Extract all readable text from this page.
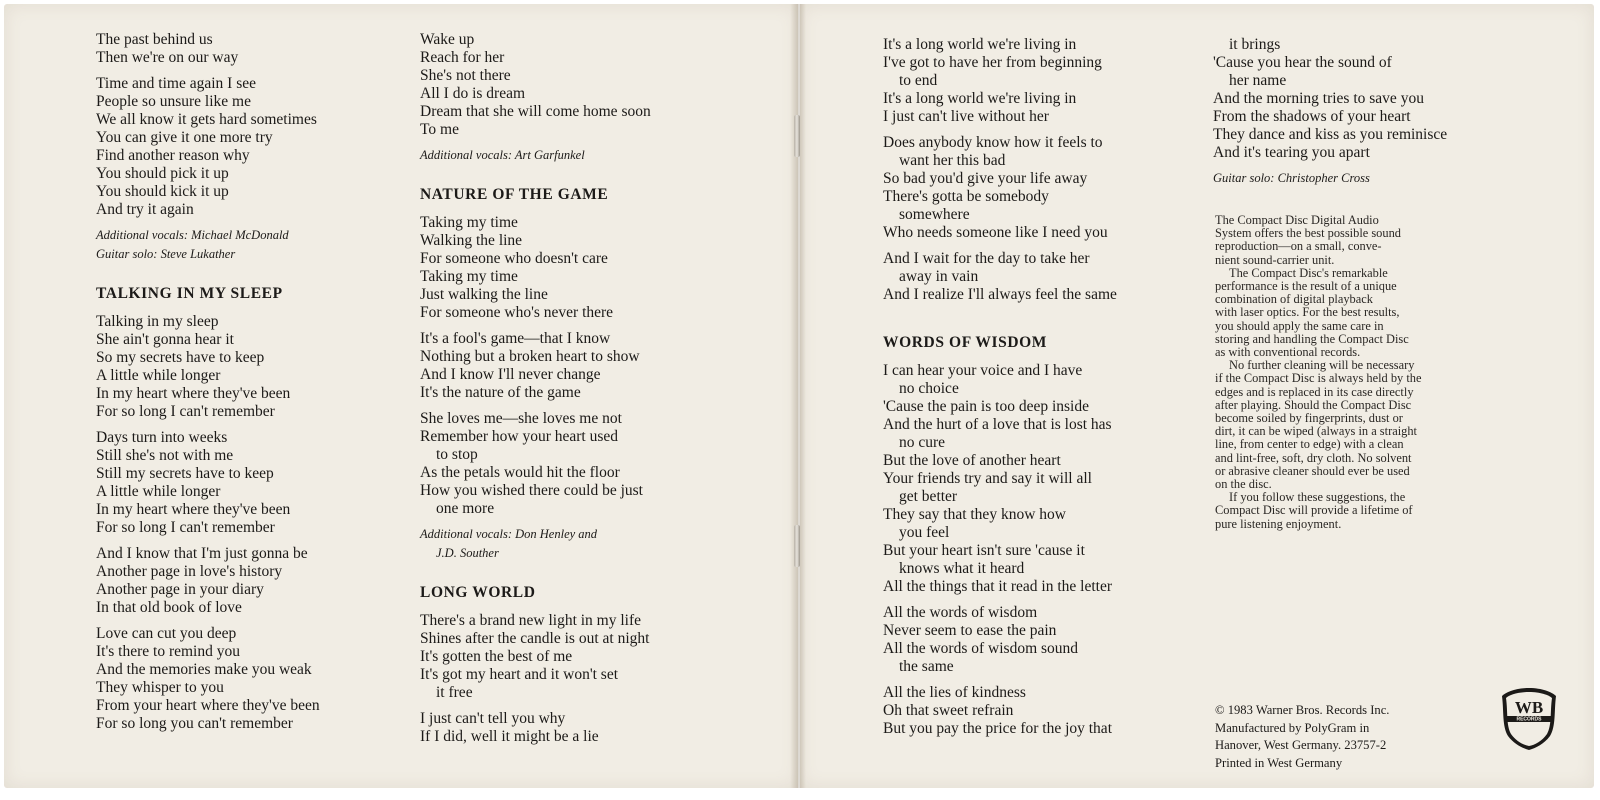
The past behind us
Then we're on our way
Time and time again I see
People so unsure like me
We all know it gets hard sometimes
You can give it one more try
Find another reason why
You should pick it up
You should kick it up
And try it again
Additional vocals: Michael McDonald
Guitar solo: Steve Lukather
TALKING IN MY SLEEP
Talking in my sleep
She ain't gonna hear it
So my secrets have to keep
A little while longer
In my heart where they've been
For so long I can't remember
Days turn into weeks
Still she's not with me
Still my secrets have to keep
A little while longer
In my heart where they've been
For so long I can't remember
And I know that I'm just gonna be
Another page in love's history
Another page in your diary
In that old book of love
Love can cut you deep
It's there to remind you
And the memories make you weak
They whisper to you
From your heart where they've been
For so long you can't remember
Wake up
Reach for her
She's not there
All I do is dream
Dream that she will come home soon
To me
Additional vocals: Art Garfunkel
NATURE OF THE GAME
Taking my time
Walking the line
For someone who doesn't care
Taking my time
Just walking the line
For someone who's never there
It's a fool's game—that I know
Nothing but a broken heart to show
And I know I'll never change
It's the nature of the game
She loves me—she loves me not
Remember how your heart used
to stop
As the petals would hit the floor
How you wished there could be just
one more
Additional vocals: Don Henley and
J.D. Souther
LONG WORLD
There's a brand new light in my life
Shines after the candle is out at night
It's gotten the best of me
It's got my heart and it won't set
it free
I just can't tell you why
If I did, well it might be a lie
It's a long world we're living in
I've got to have her from beginning
to end
It's a long world we're living in
I just can't live without her
Does anybody know how it feels to
want her this bad
So bad you'd give your life away
There's gotta be somebody
somewhere
Who needs someone like I need you
And I wait for the day to take her
away in vain
And I realize I'll always feel the same
WORDS OF WISDOM
I can hear your voice and I have
no choice
'Cause the pain is too deep inside
And the hurt of a love that is lost has
no cure
But the love of another heart
Your friends try and say it will all
get better
They say that they know how
you feel
But your heart isn't sure 'cause it
knows what it heard
All the things that it read in the letter
All the words of wisdom
Never seem to ease the pain
All the words of wisdom sound
the same
All the lies of kindness
Oh that sweet refrain
But you pay the price for the joy that
it brings
'Cause you hear the sound of
her name
And the morning tries to save you
From the shadows of your heart
They dance and kiss as you reminisce
And it's tearing you apart
Guitar solo: Christopher Cross

The Compact Disc Digital Audio
System offers the best possible sound
reproduction—on a small, conve-
nient sound-carrier unit.

The Compact Disc's remarkable
performance is the result of a unique
combination of digital playback
with laser optics. For the best results,
you should apply the same care in
storing and handling the Compact Disc
as with conventional records.

No further cleaning will be necessary
if the Compact Disc is always held by the
edges and is replaced in its case directly
after playing. Should the Compact Disc
become soiled by fingerprints, dust or
dirt, it can be wiped (always in a straight
line, from center to edge) with a clean
and lint-free, soft, dry cloth. No solvent
or abrasive cleaner should ever be used
on the disc.

If you follow these suggestions, the
Compact Disc will provide a lifetime of
pure listening enjoyment.

© 1983 Warner Bros. Records Inc.
Manufactured by PolyGram in
Hanover, West Germany. 23757-2
Printed in West Germany
RECORDS
WB
